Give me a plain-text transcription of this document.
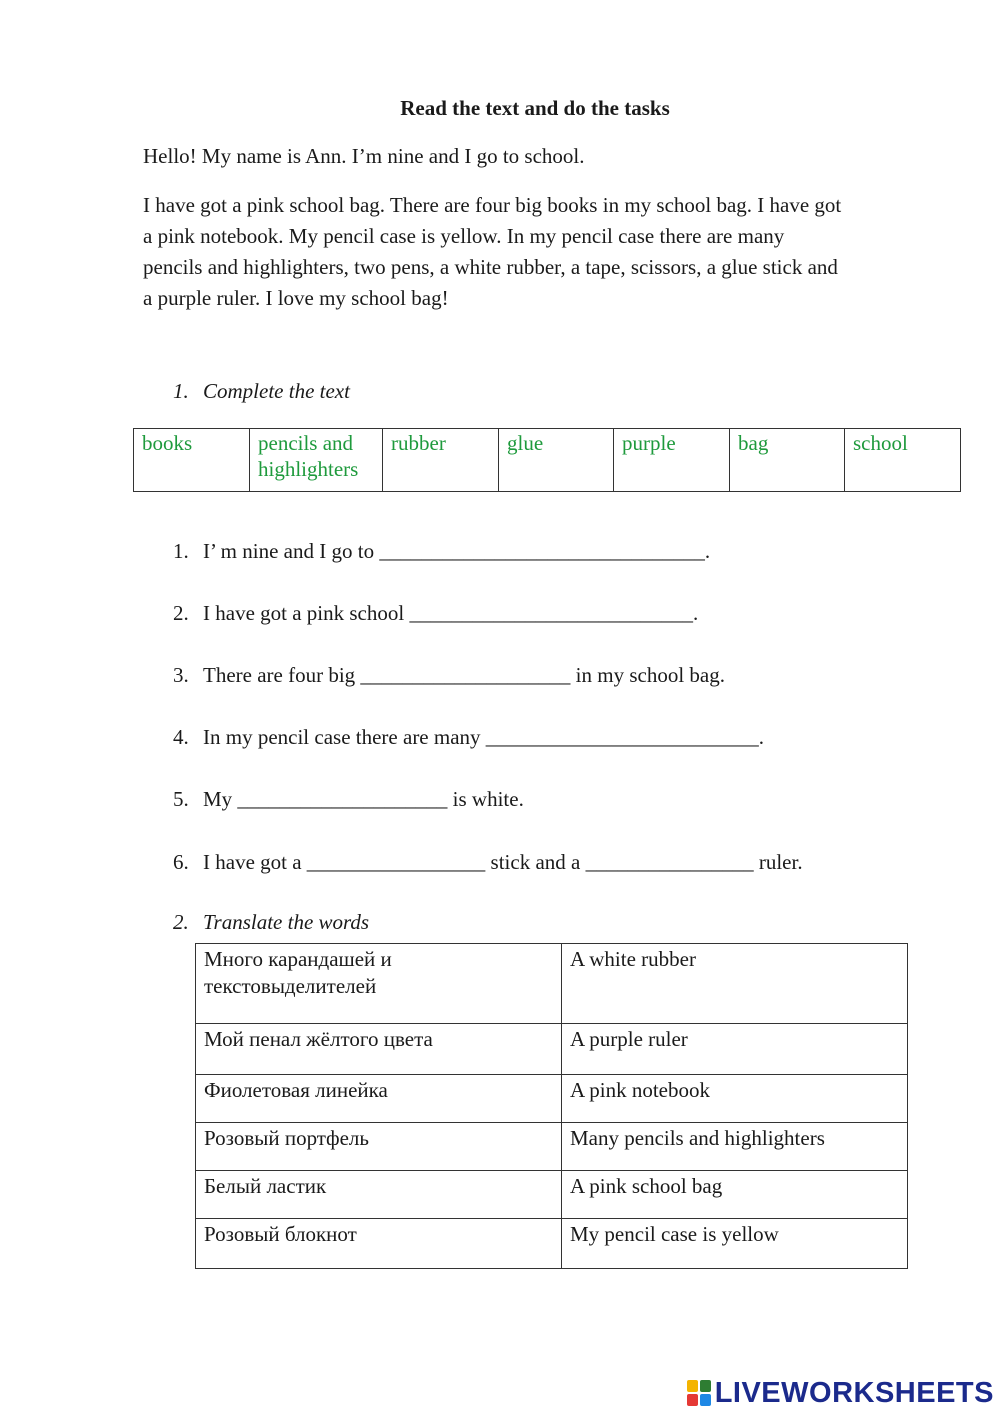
Read the text and do the tasks
Hello! My name is Ann. I’m nine and I go to school.
I have got a pink school bag. There are four big books in my school bag. I have got
a pink notebook. My pencil case is yellow. In my pencil case there are many
pencils and highlighters, two pens, a white rubber, a tape, scissors, a glue stick and
a purple ruler. I love my school bag!
1. Complete the text
books	pencils and highlighters	rubber	glue	purple	bag	school
1. I’ m nine and I go to _______________________________.
2. I have got a pink school ___________________________.
3. There are four big ____________________ in my school bag.
4. In my pencil case there are many __________________________.
5. My ____________________ is white.
6. I have got a _________________ stick and a ________________ ruler.
2. Translate the words
Много карандашей и текстовыделителей	A white rubber
Мой пенал жёлтого цвета	A purple ruler
Фиолетовая линейка	A pink notebook
Розовый портфель	Many pencils and highlighters
Белый ластик	A pink school bag
Розовый блокнот	My pencil case is yellow
LIVEWORKSHEETS
